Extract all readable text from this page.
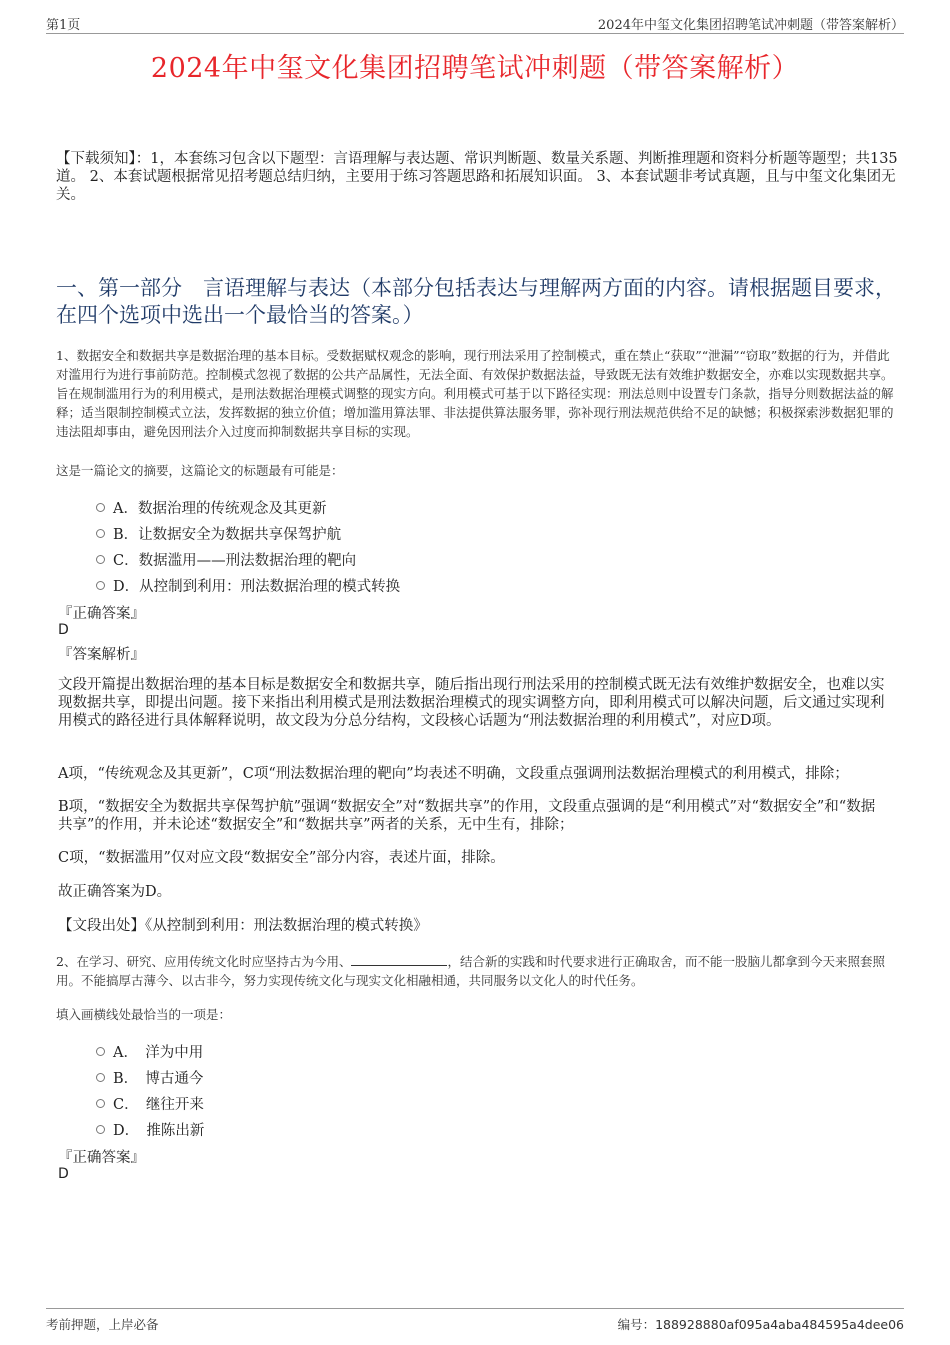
第1页	2024年中玺文化集团招聘笔试冲刺题（带答案解析）
2024年中玺文化集团招聘笔试冲刺题（带答案解析）
【下载须知】：1，本套练习包含以下题型：言语理解与表达题、常识判断题、数量关系题、判断推理题和资料分析题等题型；共135道。 2、本套试题根据常见招考题总结归纳，主要用于练习答题思路和拓展知识面。 3、本套试题非考试真题，且与中玺文化集团无关。
一、第一部分　言语理解与表达（本部分包括表达与理解两方面的内容。请根据题目要求，在四个选项中选出一个最恰当的答案。）
1、数据安全和数据共享是数据治理的基本目标。受数据赋权观念的影响，现行刑法采用了控制模式，重在禁止“获取”“泄漏”“窃取”数据的行为，并借此对滥用行为进行事前防范。控制模式忽视了数据的公共产品属性，无法全面、有效保护数据法益，导致既无法有效维护数据安全，亦难以实现数据共享。旨在规制滥用行为的利用模式，是刑法数据治理模式调整的现实方向。利用模式可基于以下路径实现：刑法总则中设置专门条款，指导分则数据法益的解释；适当限制控制模式立法，发挥数据的独立价值；增加滥用算法罪、非法提供算法服务罪，弥补现行刑法规范供给不足的缺憾；积极探索涉数据犯罪的违法阻却事由，避免因刑法介入过度而抑制数据共享目标的实现。
这是一篇论文的摘要，这篇论文的标题最有可能是：
A．数据治理的传统观念及其更新
B．让数据安全为数据共享保驾护航
C．数据滥用——刑法数据治理的靶向
D．从控制到利用：刑法数据治理的模式转换
『正确答案』
D
『答案解析』
文段开篇提出数据治理的基本目标是数据安全和数据共享，随后指出现行刑法采用的控制模式既无法有效维护数据安全，也难以实现数据共享，即提出问题。接下来指出利用模式是刑法数据治理模式的现实调整方向，即利用模式可以解决问题，后文通过实现利用模式的路径进行具体解释说明，故文段为分总分结构，文段核心话题为“刑法数据治理的利用模式”，对应D项。
A项，“传统观念及其更新”，C项“刑法数据治理的靶向”均表述不明确，文段重点强调刑法数据治理模式的利用模式，排除；
B项，“数据安全为数据共享保驾护航”强调“数据安全”对“数据共享”的作用，文段重点强调的是“利用模式”对“数据安全”和“数据共享”的作用，并未论述“数据安全”和“数据共享”两者的关系，无中生有，排除；
C项，“数据滥用”仅对应文段“数据安全”部分内容，表述片面，排除。
故正确答案为D。
【文段出处】《从控制到利用：刑法数据治理的模式转换》
2、在学习、研究、应用传统文化时应坚持古为今用、	，结合新的实践和时代要求进行正确取舍，而不能一股脑儿都拿到今天来照套照用。不能搞厚古薄今、以古非今，努力实现传统文化与现实文化相融相通，共同服务以文化人的时代任务。
填入画横线处最恰当的一项是：
A．　洋为中用
B．　博古通今
C．　继往开来
D．　推陈出新
『正确答案』
D
考前押题，上岸必备	编号：188928880af095a4aba484595a4dee06
